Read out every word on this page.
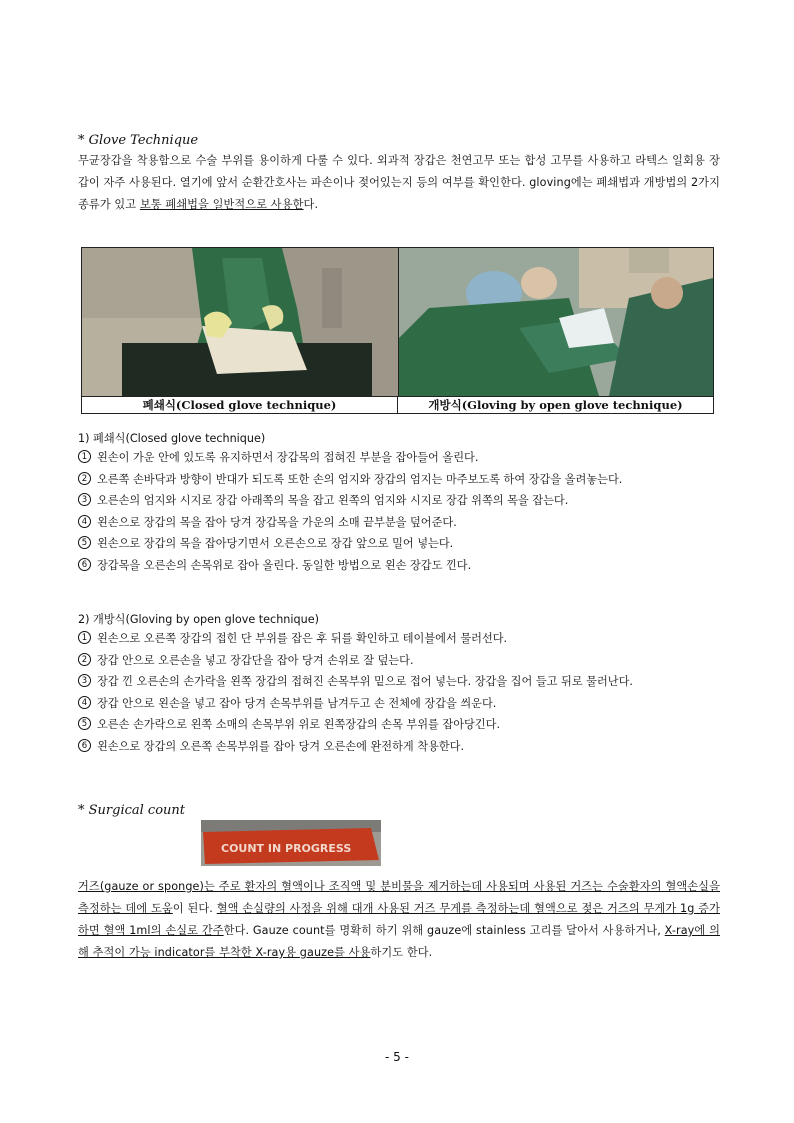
* Glove Technique
무균장갑을 착용함으로 수술 부위를 용이하게 다룰 수 있다. 외과적 장갑은 천연고무 또는 합성 고무를 사용하고 라텍스 일회용 장갑이 자주 사용된다. 열기에 앞서 순환간호사는 파손이나 젖어있는지 등의 여부를 확인한다. gloving에는 폐쇄법과 개방법의 2가지 종류가 있고 보통 폐쇄법을 일반적으로 사용한다.
폐쇄식(Closed glove technique)	개방식(Gloving by open glove technique)
1) 폐쇄식(Closed glove technique)
1 왼손이 가운 안에 있도록 유지하면서 장갑목의 접혀진 부분을 잡아들어 올린다.
2 오른쪽 손바닥과 방향이 반대가 되도록 또한 손의 엄지와 장갑의 엄지는 마주보도록 하여 장갑을 올려놓는다.
3 오른손의 엄지와 시지로 장갑 아래쪽의 목을 잡고 왼쪽의 엄지와 시지로 장갑 위쪽의 목을 잡는다.
4 왼손으로 장갑의 목을 잡아 당겨 장갑목을 가운의 소매 끝부분을 덮어준다.
5 왼손으로 장갑의 목을 잡아당기면서 오른손으로 장갑 앞으로 밀어 넣는다.
6 장갑목을 오른손의 손목위로 잡아 올린다. 동일한 방법으로 왼손 장갑도 낀다.
2) 개방식(Gloving by open glove technique)
1 왼손으로 오른쪽 장갑의 접힌 단 부위를 잡은 후 뒤를 확인하고 테이블에서 물러선다.
2 장갑 안으로 오른손을 넣고 장갑단을 잡아 당겨 손위로 잘 덮는다.
3 장갑 낀 오른손의 손가락을 왼쪽 장갑의 접혀진 손목부위 밑으로 접어 넣는다. 장갑을 집어 들고 뒤로 물러난다.
4 장갑 안으로 왼손을 넣고 잡아 당겨 손목부위를 남겨두고 손 전체에 장갑을 씌운다.
5 오른손 손가락으로 왼쪽 소매의 손목부위 위로 왼쪽장갑의 손목 부위를 잡아당긴다.
6 왼손으로 장갑의 오른쪽 손목부위를 잡아 당겨 오른손에 완전하게 착용한다.
* Surgical count
COUNT IN PROGRESS
거즈(gauze or sponge)는 주로 환자의 혈액이나 조직액 및 분비물을 제거하는데 사용되며 사용된 거즈는 수술환자의 혈액손실을 측정하는 데에 도움이 된다. 혈액 손실량의 사정을 위해 대개 사용된 거즈 무게를 측정하는데 혈액으로 젖은 거즈의 무게가 1g 증가하면 혈액 1ml의 손실로 간주한다. Gauze count를 명확히 하기 위해 gauze에 stainless 고리를 달아서 사용하거나, X-ray에 의해 추적이 가능 indicator를 부착한 X-ray용 gauze를 사용하기도 한다.
- 5 -
